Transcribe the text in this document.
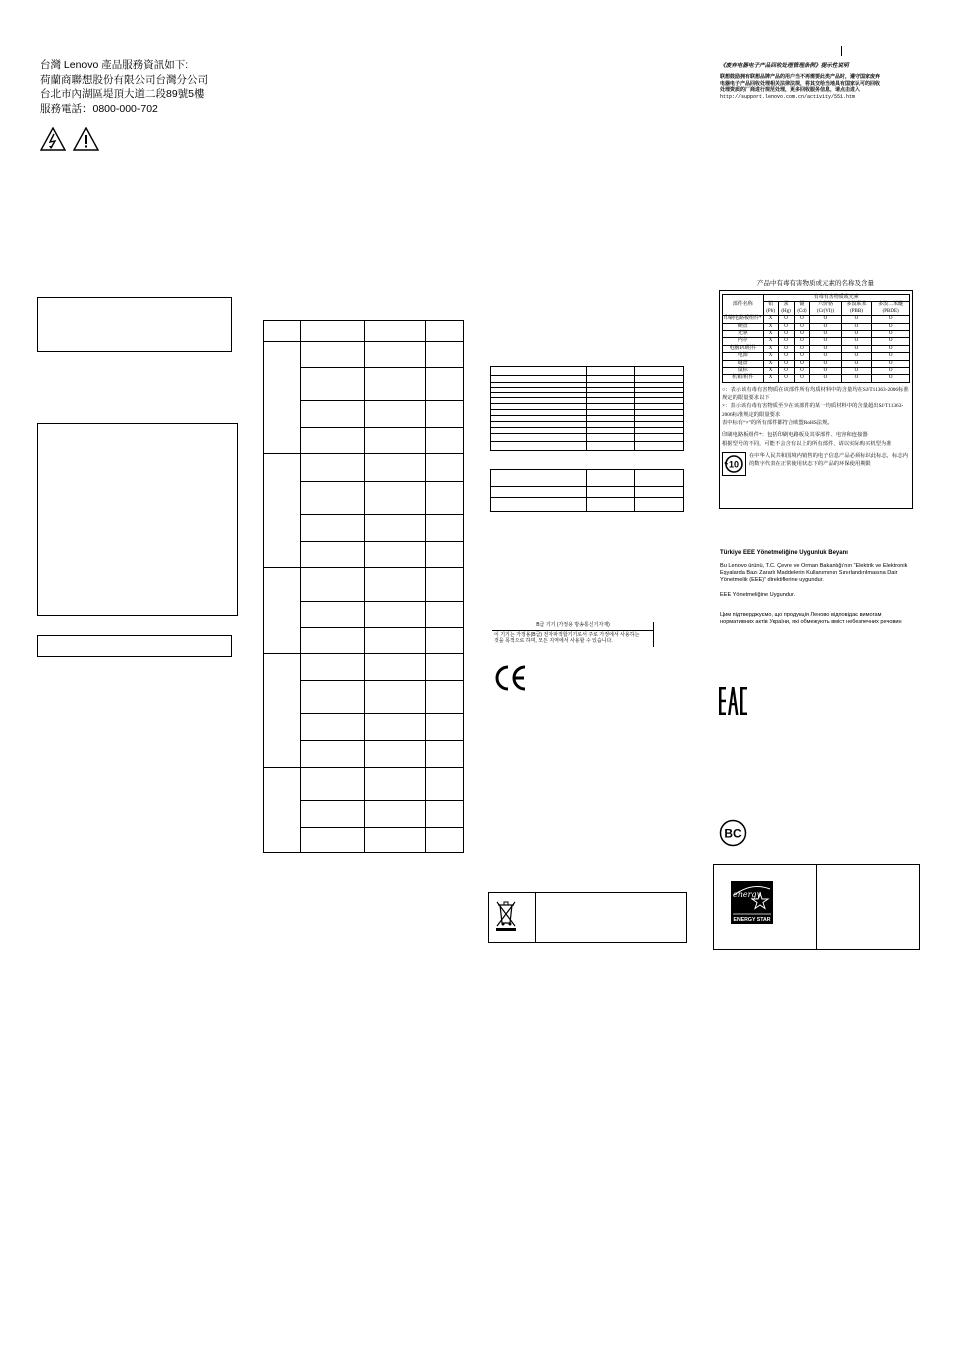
台灣 Lenovo 產品服務資訊如下:
荷蘭商聯想股份有限公司台灣分公司
台北市內湖區堤頂大道二段89號5樓
服務電話：0800-000-702

B급 기기 (가정용 방송통신기자재)
이 기기는 가정용(B급) 전자파적합기기로서 주로 가정에서 사용하는
것을 목적으로 하며, 모든 지역에서 사용할 수 있습니다.
《废弃电器电子产品回收处理管理条例》提示性说明
联想鼓励拥有联想品牌产品的用户当不再需要此类产品时，遵守国家废弃
电器电子产品回收处理相关法律法规，将其交给当地具有国家认可的回收
处理资质的厂商进行规范处理，更多回收服务信息，请点击进入
http://support.lenovo.com.cn/activity/551.htm
产品中有毒有害物质或元素的名称及含量
部件名称	有毒有害物质或元素					
	铅(Pb)	汞(Hg)	镉(Cd)	六价铬 (Cr(VI))	多溴联苯 (PBB)	多溴二苯醚 (PBDE)
印刷电路板组件*	X	O	O	O	O	O
硬盘	X	O	O	O	O	O
光驱	X	O	O	O	O	O
内存	X	O	O	O	O	O
电脑I/O附件	X	O	O	O	O	O
电源	X	O	O	O	O	O
键盘	X	O	O	O	O	O
鼠标	X	O	O	O	O	O
机箱/附件	X	O	O	O	O	O
○：表示该有毒有害物质在该部件所有均质材料中的含量均在SJ/T11363-2006标准规定的限量要求以下
×：表示该有毒有害物质至少在该部件的某一均质材料中的含量超出SJ/T11363-2006标准规定的限量要求
表中标有“×”的所有部件都符合欧盟RoHS法规。
印刷电路板组件*：包括印刷电路板及其零部件、电容和连接器
根据型号的不同，可能不会含有以上的所有部件，请以实际购买机型为准
10
在中华人民共和国境内销售的电子信息产品必须标识此标志，标志内的数字代表在正常使用状态下的产品的环保使用期限
Türkiye EEE Yönetmeliğine Uygunluk Beyanı
Bu Lenovo ürünü, T.C. Çevre ve Orman Bakanlığı’nın “Elektrik ve Elektronik Eşyalarda Bazı Zararlı Maddelerin Kullanımının Sınırlandırılmasına Dair Yönetmelik (EEE)” direktiflerine uygundur.
EEE Yönetmeliğine Uygundur.
Цим підтверджуємо, що продукція Леново відповідає вимогам нормативних актів України, які обмежують вміст небезпечних речовин
BC
energy
ENERGY STAR
